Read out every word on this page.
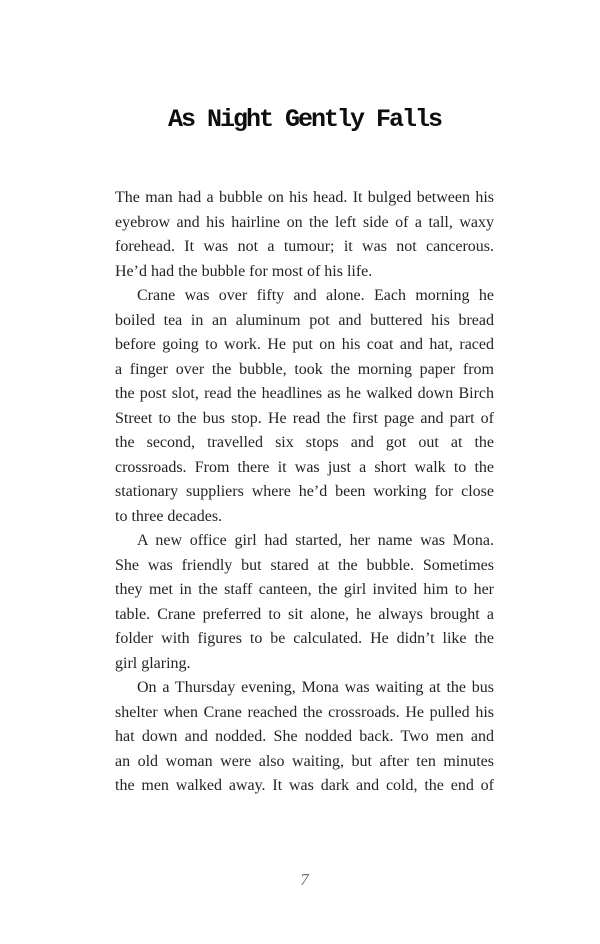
As Night Gently Falls
The man had a bubble on his head. It bulged between his
eyebrow and his hairline on the left side of a tall, waxy
forehead. It was not a tumour; it was not cancerous.
He’d had the bubble for most of his life.
Crane was over fifty and alone. Each morning he
boiled tea in an aluminum pot and buttered his bread
before going to work. He put on his coat and hat, raced
a finger over the bubble, took the morning paper from
the post slot, read the headlines as he walked down Birch
Street to the bus stop. He read the first page and part of
the second, travelled six stops and got out at the
crossroads. From there it was just a short walk to the
stationary suppliers where he’d been working for close
to three decades.
A new office girl had started, her name was Mona.
She was friendly but stared at the bubble. Sometimes
they met in the staff canteen, the girl invited him to her
table. Crane preferred to sit alone, he always brought a
folder with figures to be calculated. He didn’t like the
girl glaring.
On a Thursday evening, Mona was waiting at the bus
shelter when Crane reached the crossroads. He pulled his
hat down and nodded. She nodded back. Two men and
an old woman were also waiting, but after ten minutes
the men walked away. It was dark and cold, the end of
7
